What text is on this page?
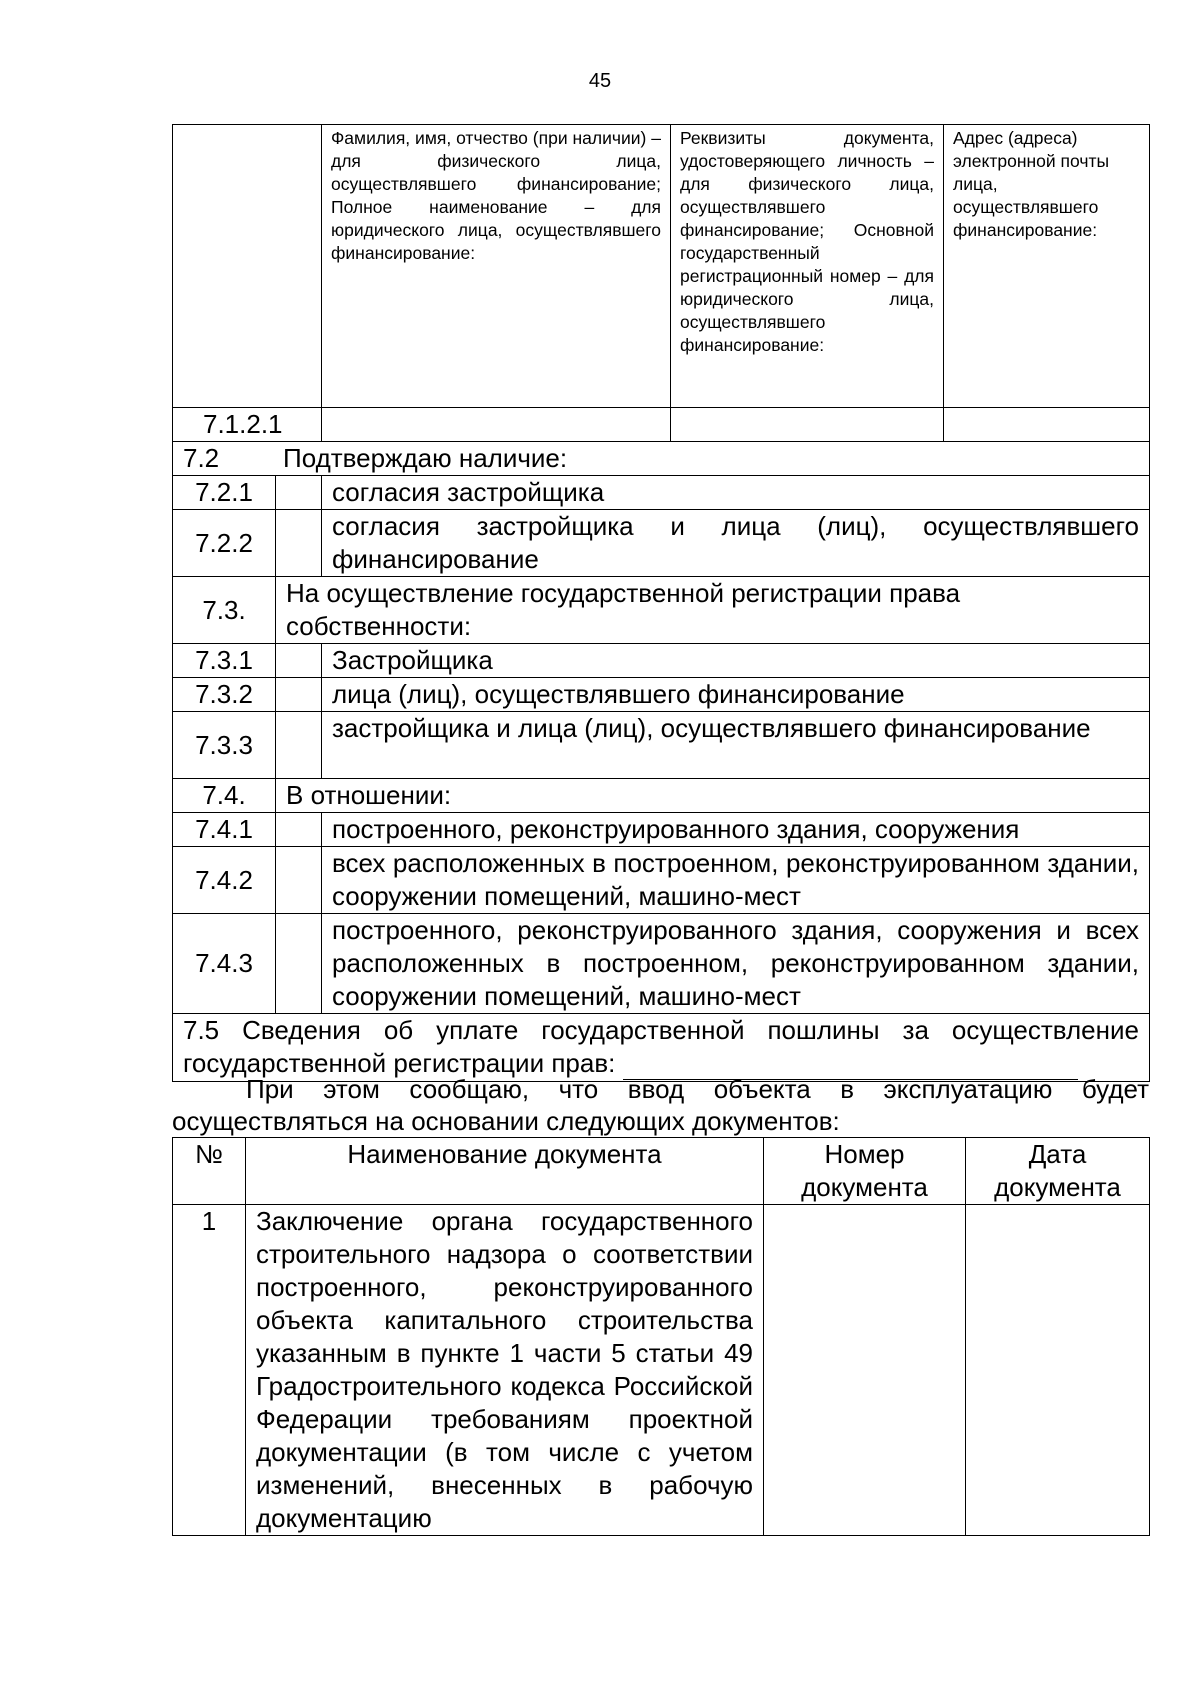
45
		Фамилия, имя, отчество (при наличии) – для физического лица, осуществлявшего финансирование; Полное наименование – для юридического лица, осуществлявшего финансирование:	Реквизиты документа, удостоверяющего личность – для физического лица, осуществлявшего финансирование; Основной государственный регистрационный номер – для юридического лица, осуществлявшего финансирование:	Адрес (адреса) электронной почты лица, осуществлявшего финансирование:
7.1.2.1				
7.2 Подтверждаю наличие:				
7.2.1		согласия застройщика		
7.2.2		согласия застройщика и лица (лиц), осуществлявшего финансирование		
7.3.	На осуществление государственной регистрации права собственности:			
7.3.1		Застройщика		
7.3.2		лица (лиц), осуществлявшего финансирование		
7.3.3		застройщика и лица (лиц), осуществлявшего финансирование		
7.4.	В отношении:			
7.4.1		построенного, реконструированного здания, сооружения		
7.4.2		всех расположенных в построенном, реконструированном здании, сооружении помещений, машино-мест		
7.4.3		построенного, реконструированного здания, сооружения и всех расположенных в построенном, реконструированном здании, сооружении помещений, машино-мест		
7.5 Сведения об уплате государственной пошлины за осуществление государственной регистрации прав:				
При этом сообщаю, что ввод объекта в эксплуатацию будет осуществляться на основании следующих документов:
№	Наименование документа	Номер документа	Дата документа
1	Заключение органа государственного строительного надзора о соответствии построенного, реконструированного объекта капитального строительства указанным в пункте 1 части 5 статьи 49 Градостроительного кодекса Российской Федерации требованиям проектной документации (в том числе с учетом изменений, внесенных в рабочую документацию		
